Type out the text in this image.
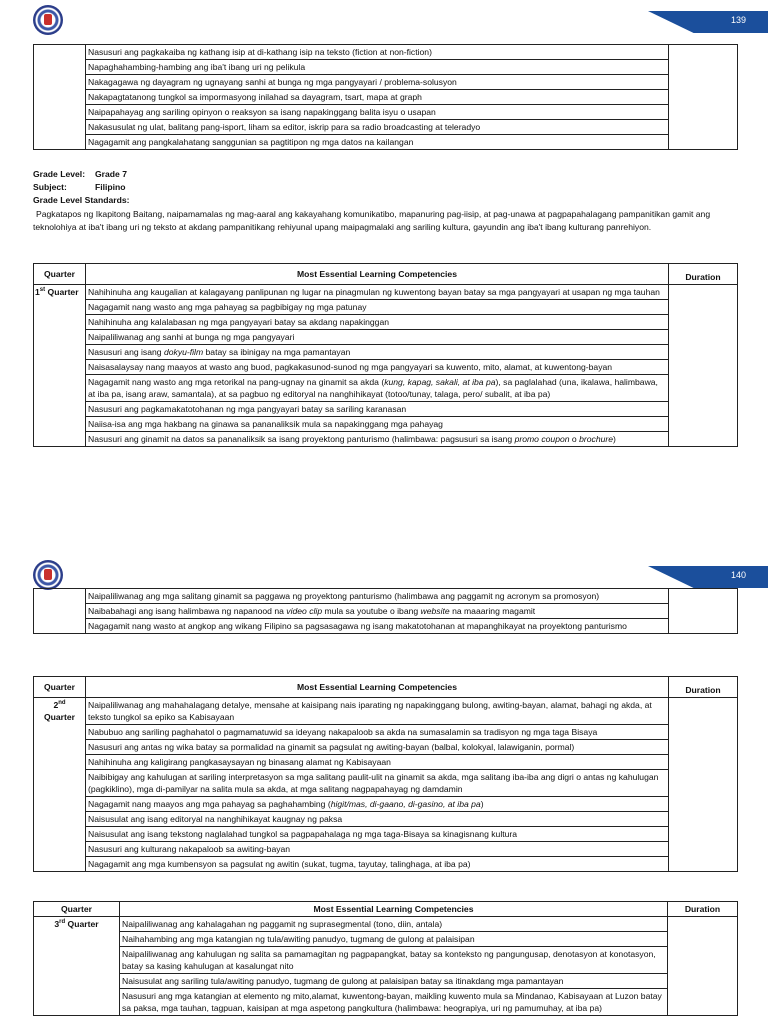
139
	Nasusuri ang pagkakaiba ng kathang isip at di-kathang isip na teksto (fiction at non-fiction)	
Napaghahambing-hambing ang iba't ibang uri ng pelikula
Nakagagawa ng dayagram ng ugnayang sanhi at bunga ng mga pangyayari / problema-solusyon
Nakapagtatanong tungkol sa impormasyong inilahad sa dayagram, tsart, mapa at graph
Naipapahayag ang sariling opinyon o reaksyon sa isang napakinggang balita isyu o usapan
Nakasusulat ng ulat, balitang pang-isport, liham sa editor, iskrip para sa radio broadcasting at teleradyo
Nagagamit ang pangkalahatang sanggunian sa pagtitipon ng mga datos na kailangan
Grade Level: Grade 7
Subject:	Filipino
Grade Level Standards:
Pagkatapos ng Ikapitong Baitang, naipamamalas ng mag-aaral ang kakayahang komunikatibo, mapanuring pag-iisip, at pag-unawa at pagpapahalagang pampanitikan gamit ang teknolohiya at iba't ibang uri ng teksto at akdang pampanitikang rehiyunal upang maipagmalaki ang sariling kultura, gayundin ang iba't ibang kulturang panrehiyon.
Quarter	Most Essential Learning Competencies	Duration
1st Quarter	Nahihinuha ang kaugalian at kalagayang panlipunan ng lugar na pinagmulan ng kuwentong bayan batay sa mga pangyayari at usapan ng mga tauhan	
	Nagagamit nang wasto ang mga pahayag sa pagbibigay ng mga patunay	
	Nahihinuha ang kalalabasan ng mga pangyayari batay sa akdang napakinggan	
	Naipaliliwanag ang sanhi at bunga ng mga pangyayari	
	Nasusuri ang isang dokyu-film batay sa ibinigay na mga pamantayan	
	Naisasalaysay nang maayos at wasto ang buod, pagkakasunod-sunod ng mga pangyayari sa kuwento, mito, alamat, at kuwentong-bayan	
	Nagagamit nang wasto ang mga retorikal na pang-ugnay na ginamit sa akda (kung, kapag, sakali, at iba pa), sa paglalahad (una, ikalawa, halimbawa, at iba pa, isang araw, samantala), at sa pagbuo ng editoryal na nanghihikayat (totoo/tunay, talaga, pero/ subalit, at iba pa)	
	Nasusuri ang pagkamakatotohanan ng mga pangyayari batay sa sariling karanasan	
	Naiisa-isa ang mga hakbang na ginawa sa pananaliksik mula sa napakinggang mga pahayag	
	Nasusuri ang ginamit na datos sa pananaliksik sa isang proyektong panturismo (halimbawa: pagsusuri sa isang promo coupon o brochure)	
140
	Naipaliliwanag ang mga salitang ginamit sa paggawa ng proyektong panturismo (halimbawa ang paggamit ng acronym sa promosyon)	
Naibabahagi ang isang halimbawa ng napanood na video clip mula sa youtube o ibang website na maaaring magamit
Nagagamit nang wasto at angkop ang wikang Filipino sa pagsasagawa ng isang makatotohanan at mapanghikayat na proyektong panturismo
Quarter	Most Essential Learning Competencies	Duration
2nd
Quarter	Naipaliliwanag ang mahahalagang detalye, mensahe at kaisipang nais iparating ng napakinggang bulong, awiting-bayan, alamat, bahagi ng akda, at teksto tungkol sa epiko sa Kabisayaan	
	Nabubuo ang sariling paghahatol o pagmamatuwid sa ideyang nakapaloob sa akda na sumasalamin sa tradisyon ng mga taga Bisaya	
	Nasusuri ang antas ng wika batay sa pormalidad na ginamit sa pagsulat ng awiting-bayan (balbal, kolokyal, lalawiganin, pormal)	
	Nahihinuha ang kaligirang pangkasaysayan ng binasang alamat ng Kabisayaan	
	Naibibigay ang kahulugan at sariling interpretasyon sa mga salitang paulit-ulit na ginamit sa akda, mga salitang iba-iba ang digri o antas ng kahulugan (pagkiklino), mga di-pamilyar na salita mula sa akda, at mga salitang nagpapahayag ng damdamin	
	Nagagamit nang maayos ang mga pahayag sa paghahambing (higit/mas, di-gaano, di-gasino, at iba pa)	
	Naisusulat ang isang editoryal na nanghihikayat kaugnay ng paksa	
	Naisusulat ang isang tekstong naglalahad tungkol sa pagpapahalaga ng mga taga-Bisaya sa kinagisnang kultura	
	Nasusuri ang kulturang nakapaloob sa awiting-bayan	
	Nagagamit ang mga kumbensyon sa pagsulat ng awitin (sukat, tugma, tayutay, talinghaga, at iba pa)	
Quarter	Most Essential Learning Competencies	Duration
3rd Quarter	Naipaliliwanag ang kahalagahan ng paggamit ng suprasegmental (tono, diin, antala)	
	Naihahambing ang mga katangian ng tula/awiting panudyo, tugmang de gulong at palaisipan	
	Naipaliliwanag ang kahulugan ng salita sa pamamagitan ng pagpapangkat, batay sa konteksto ng pangungusap, denotasyon at konotasyon, batay sa kasing kahulugan at kasalungat nito	
	Naisusulat ang sariling tula/awiting panudyo, tugmang de gulong at palaisipan batay sa itinakdang mga pamantayan	
	Nasusuri ang mga katangian at elemento ng mito,alamat, kuwentong-bayan, maikling kuwento mula sa Mindanao, Kabisayaan at Luzon batay sa paksa, mga tauhan, tagpuan, kaisipan at mga aspetong pangkultura (halimbawa: heograpiya, uri ng pamumuhay, at iba pa)	
